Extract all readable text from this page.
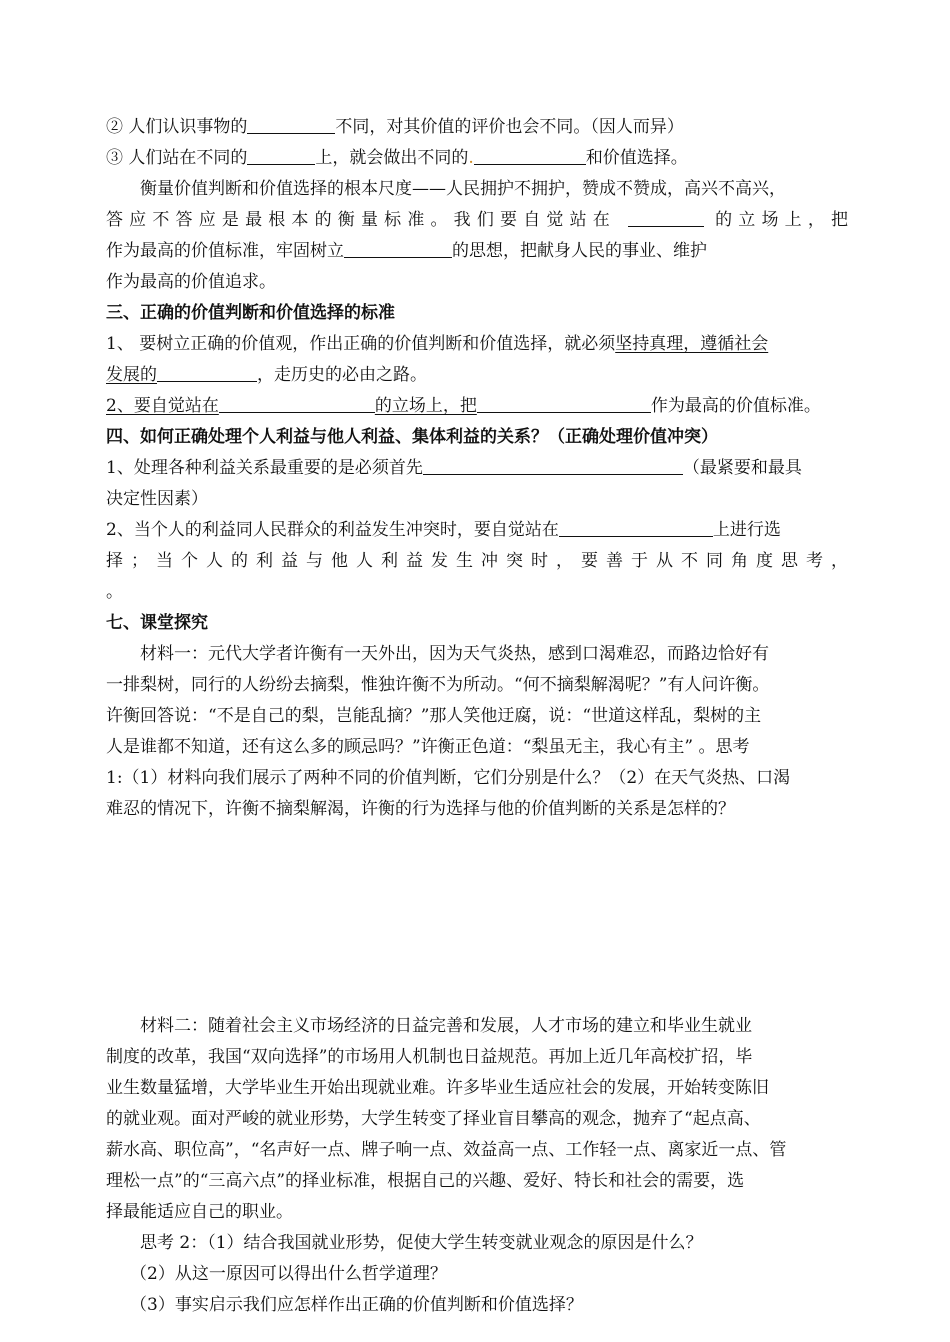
② 人们认识事物的	不同，对其价值的评价也会不同。（因人而异）
③ 人们站在不同的	上，就会做出不同的.	和价值选择。
衡量价值判断和价值选择的根本尺度——人民拥护不拥护，赞成不赞成，高兴不高兴，
答应不答应是最根本的衡量标准。我们要自觉站在	的立场上，把
作为最高的价值标准，牢固树立	的思想，把献身人民的事业、维护
作为最高的价值追求。
三、正确的价值判断和价值选择的标准
1、 要树立正确的价值观，作出正确的价值判断和价值选择，就必须坚持真理，遵循社会
发展的	，走历史的必由之路。
2、要自觉站在	的立场上，把	作为最高的价值标准。
四、如何正确处理个人利益与他人利益、集体利益的关系？（正确处理价值冲突）
1、处理各种利益关系最重要的是必须首先	（最紧要和最具
决定性因素）
2、当个人的利益同人民群众的利益发生冲突时，要自觉站在	上进行选
择；当个人的利益与他人利益发生冲突时，要善于从不同角度思考，
。
七、课堂探究
材料一：元代大学者许衡有一天外出，因为天气炎热，感到口渴难忍，而路边恰好有
一排梨树，同行的人纷纷去摘梨，惟独许衡不为所动。“何不摘梨解渴呢？”有人问许衡。
许衡回答说：“不是自己的梨，岂能乱摘？”那人笑他迂腐，说：“世道这样乱，梨树的主
人是谁都不知道，还有这么多的顾忌吗？”许衡正色道：“梨虽无主，我心有主” 。思考
1:（1）材料向我们展示了两种不同的价值判断，它们分别是什么？（2）在天气炎热、口渴
难忍的情况下，许衡不摘梨解渴，许衡的行为选择与他的价值判断的关系是怎样的？
材料二：随着社会主义市场经济的日益完善和发展，人才市场的建立和毕业生就业
制度的改革，我国“双向选择”的市场用人机制也日益规范。再加上近几年高校扩招，毕
业生数量猛增，大学毕业生开始出现就业难。许多毕业生适应社会的发展，开始转变陈旧
的就业观。面对严峻的就业形势，大学生转变了择业盲目攀高的观念，抛弃了“起点高、
薪水高、职位高”，“名声好一点、牌子响一点、效益高一点、工作轻一点、离家近一点、管
理松一点”的“三高六点”的择业标准，根据自己的兴趣、爱好、特长和社会的需要，选
择最能适应自己的职业。
思考 2：（1）结合我国就业形势，促使大学生转变就业观念的原因是什么？
（2）从这一原因可以得出什么哲学道理？
（3）事实启示我们应怎样作出正确的价值判断和价值选择？
